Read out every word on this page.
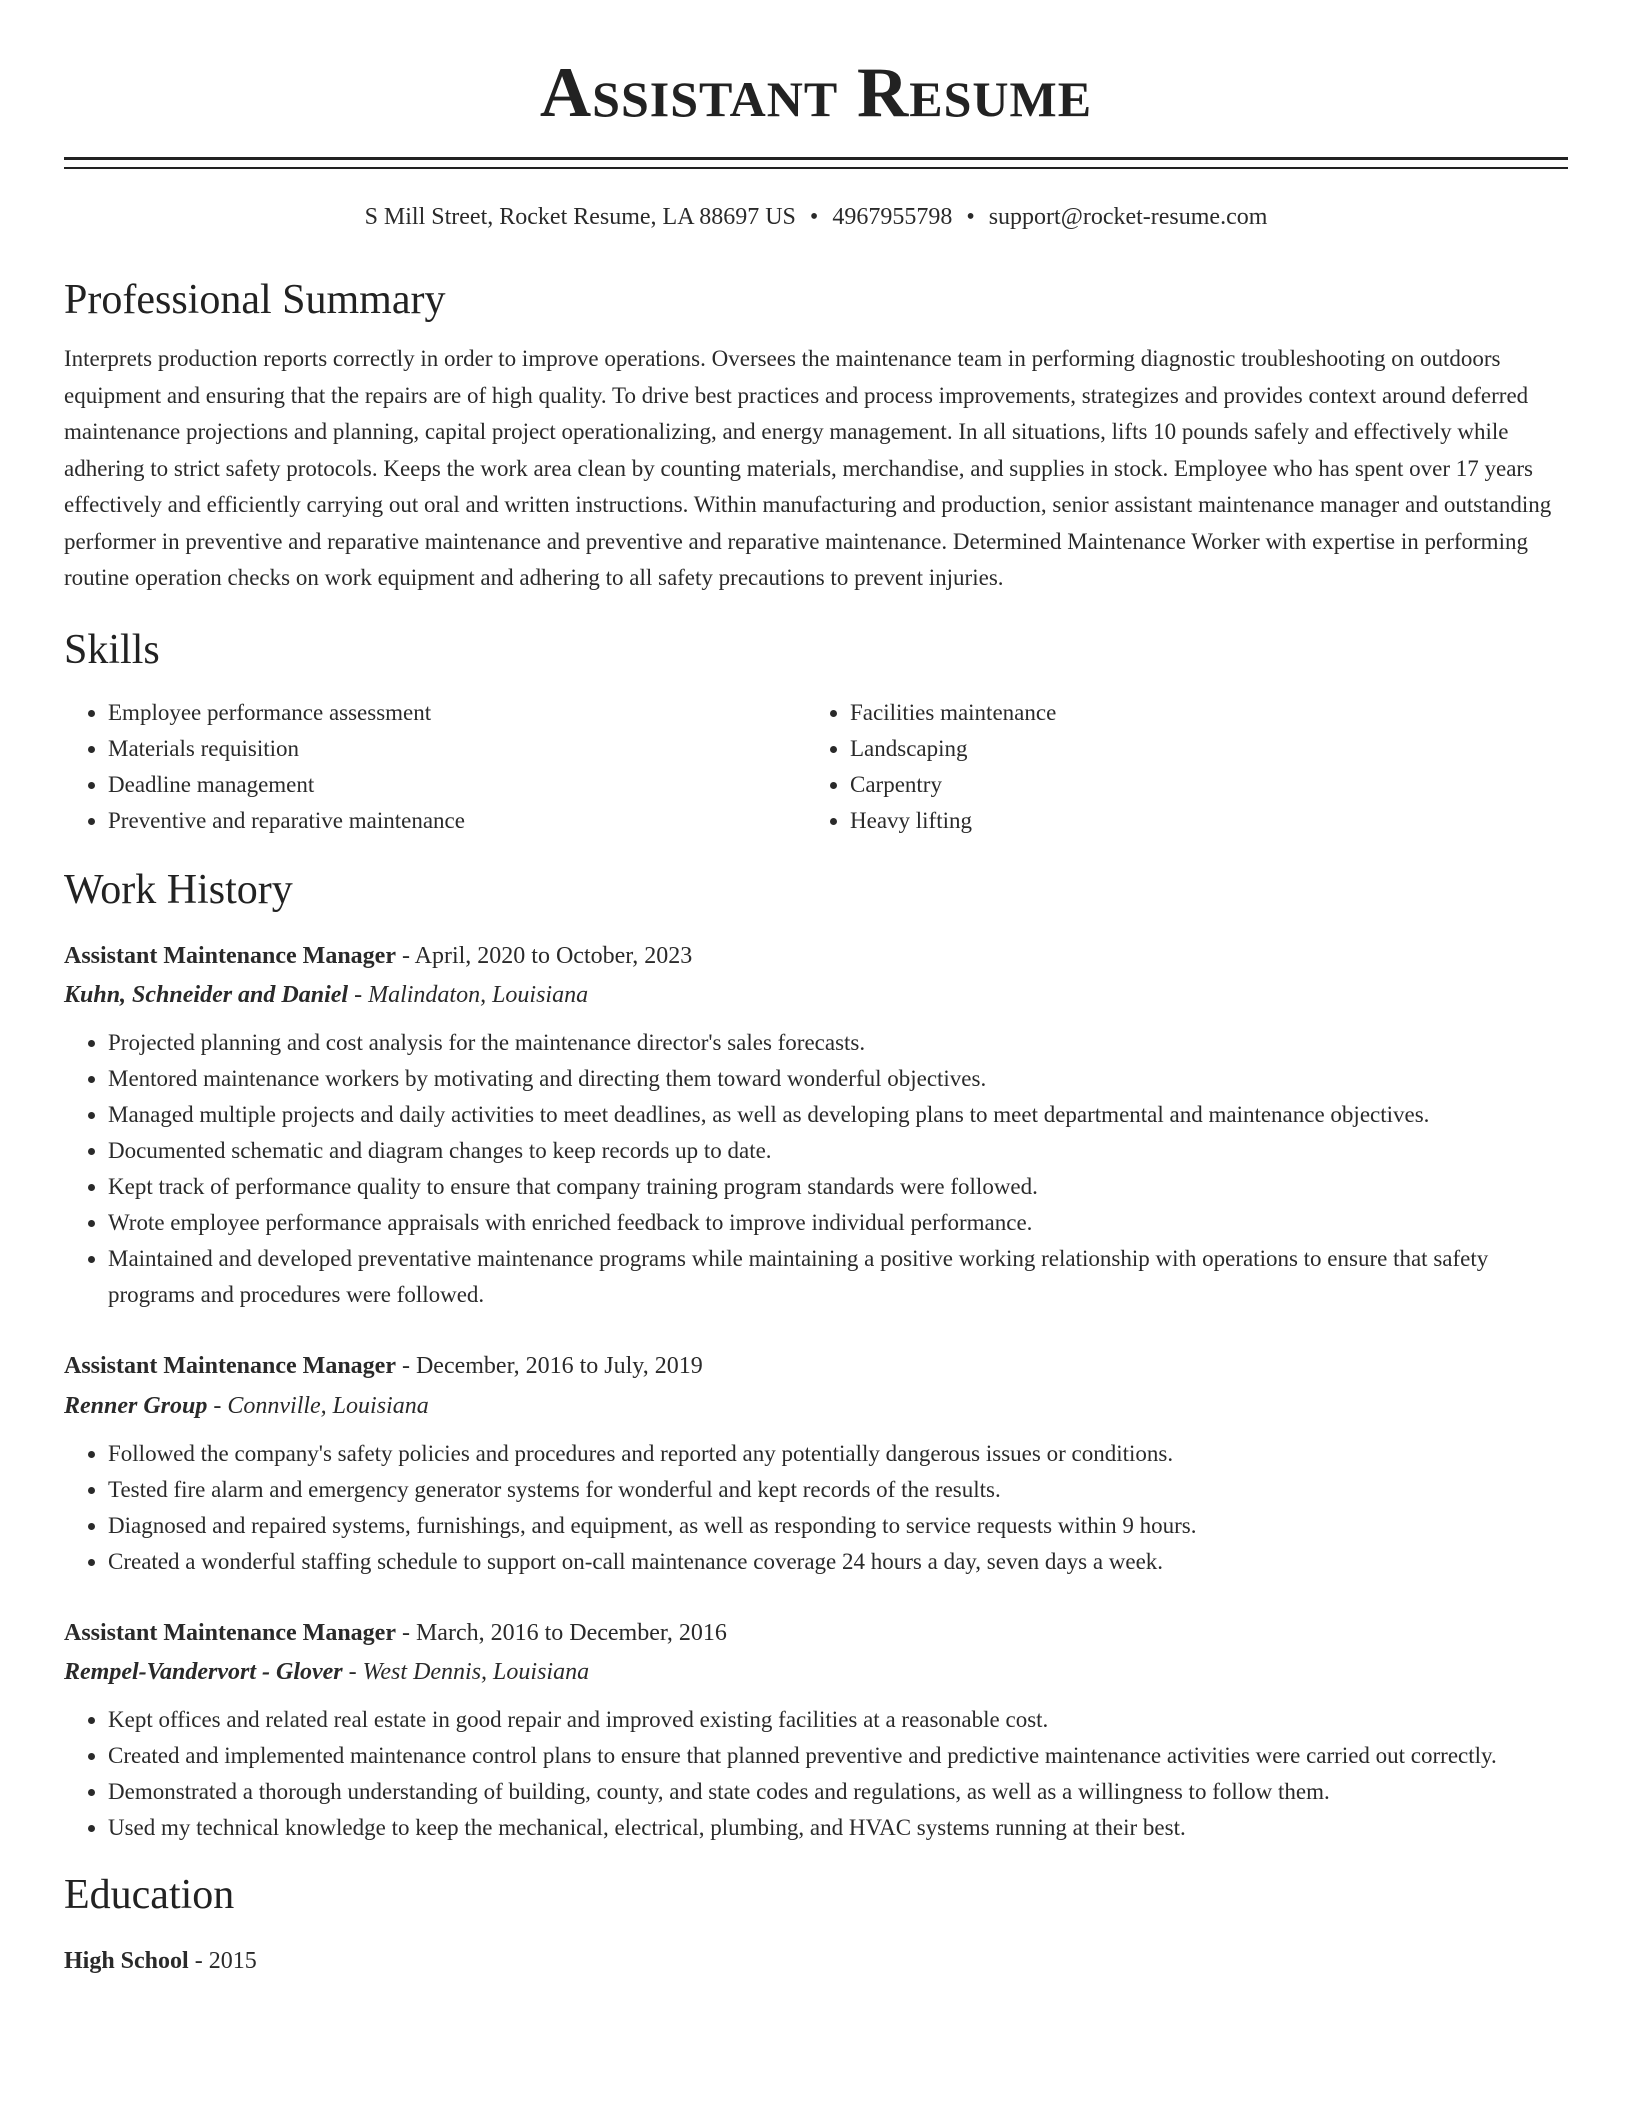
Assistant Resume
S Mill Street, Rocket Resume, LA 88697 US • 4967955798 • support@rocket-resume.com
Professional Summary

Interprets production reports correctly in order to improve operations. Oversees the maintenance team in performing diagnostic troubleshooting on outdoors equipment and ensuring that the repairs are of high quality. To drive best practices and process improvements, strategizes and provides context around deferred maintenance projections and planning, capital project operationalizing, and energy management. In all situations, lifts 10 pounds safely and effectively while adhering to strict safety protocols. Keeps the work area clean by counting materials, merchandise, and supplies in stock. Employee who has spent over 17 years effectively and efficiently carrying out oral and written instructions. Within manufacturing and production, senior assistant maintenance manager and outstanding performer in preventive and reparative maintenance and preventive and reparative maintenance. Determined Maintenance Worker with expertise in performing routine operation checks on work equipment and adhering to all safety precautions to prevent injuries.

Skills
• Employee performance assessment
• Materials requisition
• Deadline management
• Preventive and reparative maintenance
• Facilities maintenance
• Landscaping
• Carpentry
• Heavy lifting
Work History
Assistant Maintenance Manager - April, 2020 to October, 2023
Kuhn, Schneider and Daniel - Malindaton, Louisiana
• Projected planning and cost analysis for the maintenance director's sales forecasts.
• Mentored maintenance workers by motivating and directing them toward wonderful objectives.
• Managed multiple projects and daily activities to meet deadlines, as well as developing plans to meet departmental and maintenance objectives.
• Documented schematic and diagram changes to keep records up to date.
• Kept track of performance quality to ensure that company training program standards were followed.
• Wrote employee performance appraisals with enriched feedback to improve individual performance.
• Maintained and developed preventative maintenance programs while maintaining a positive working relationship with operations to ensure that safety programs and procedures were followed.
Assistant Maintenance Manager - December, 2016 to July, 2019
Renner Group - Connville, Louisiana
• Followed the company's safety policies and procedures and reported any potentially dangerous issues or conditions.
• Tested fire alarm and emergency generator systems for wonderful and kept records of the results.
• Diagnosed and repaired systems, furnishings, and equipment, as well as responding to service requests within 9 hours.
• Created a wonderful staffing schedule to support on-call maintenance coverage 24 hours a day, seven days a week.
Assistant Maintenance Manager - March, 2016 to December, 2016
Rempel-Vandervort - Glover - West Dennis, Louisiana
• Kept offices and related real estate in good repair and improved existing facilities at a reasonable cost.
• Created and implemented maintenance control plans to ensure that planned preventive and predictive maintenance activities were carried out correctly.
• Demonstrated a thorough understanding of building, county, and state codes and regulations, as well as a willingness to follow them.
• Used my technical knowledge to keep the mechanical, electrical, plumbing, and HVAC systems running at their best.
Education
High School - 2015
